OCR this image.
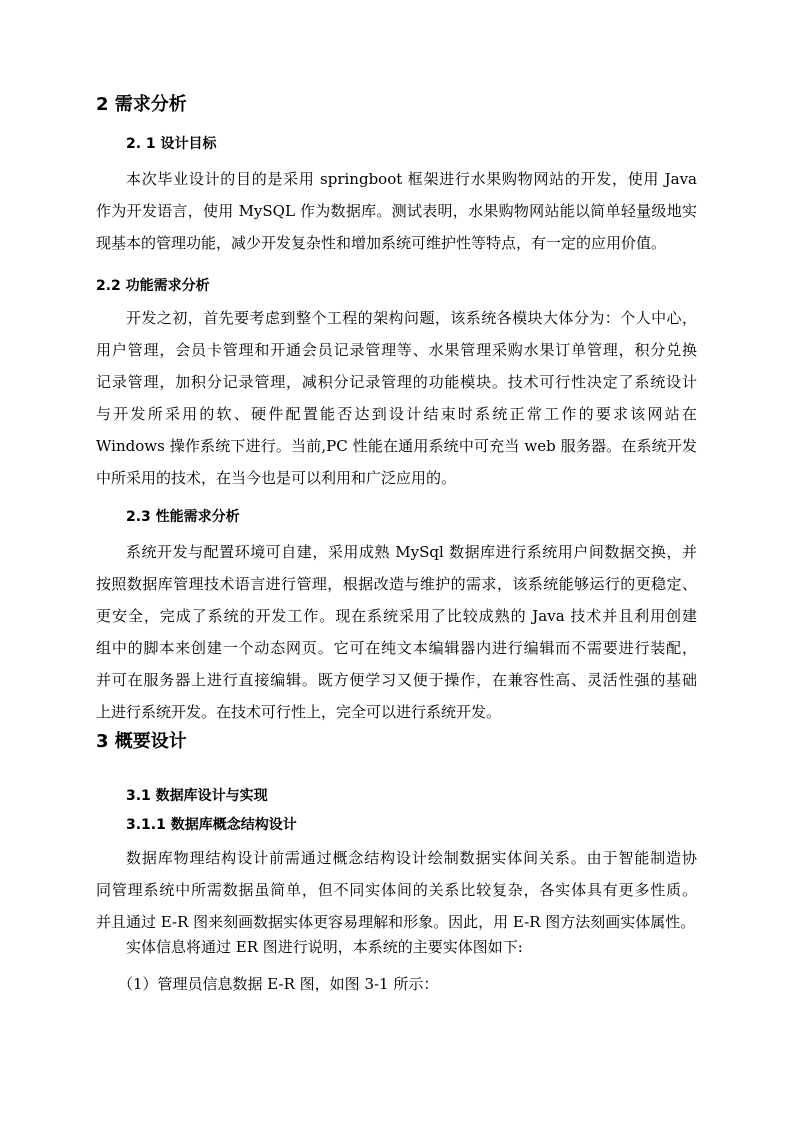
2 需求分析
2. 1 设计目标
本次毕业设计的目的是采用 springboot 框架进行水果购物网站的开发，使用 Java
作为开发语言，使用 MySQL 作为数据库。测试表明，水果购物网站能以简单轻量级地实
现基本的管理功能，减少开发复杂性和增加系统可维护性等特点，有一定的应用价值。
2.2 功能需求分析
开发之初，首先要考虑到整个工程的架构问题，该系统各模块大体分为：个人中心，
用户管理，会员卡管理和开通会员记录管理等、水果管理采购水果订单管理，积分兑换
记录管理，加积分记录管理，减积分记录管理的功能模块。技术可行性决定了系统设计
与开发所采用的软、硬件配置能否达到设计结束时系统正常工作的要求该网站在
Windows 操作系统下进行。当前,PC 性能在通用系统中可充当 web 服务器。在系统开发
中所采用的技术，在当今也是可以利用和广泛应用的。
2.3 性能需求分析
系统开发与配置环境可自建，采用成熟 MySql 数据库进行系统用户间数据交换，并
按照数据库管理技术语言进行管理，根据改造与维护的需求，该系统能够运行的更稳定、
更安全，完成了系统的开发工作。现在系统采用了比较成熟的 Java 技术并且利用创建
组中的脚本来创建一个动态网页。它可在纯文本编辑器内进行编辑而不需要进行装配，
并可在服务器上进行直接编辑。既方便学习又便于操作，在兼容性高、灵活性强的基础
上进行系统开发。在技术可行性上，完全可以进行系统开发。
3 概要设计
3.1 数据库设计与实现
3.1.1 数据库概念结构设计
数据库物理结构设计前需通过概念结构设计绘制数据实体间关系。由于智能制造协
同管理系统中所需数据虽简单，但不同实体间的关系比较复杂，各实体具有更多性质。
并且通过 E-R 图来刻画数据实体更容易理解和形象。因此，用 E-R 图方法刻画实体属性。

实体信息将通过 ER 图进行说明，本系统的主要实体图如下:

（1）管理员信息数据 E-R 图，如图 3-1 所示：
